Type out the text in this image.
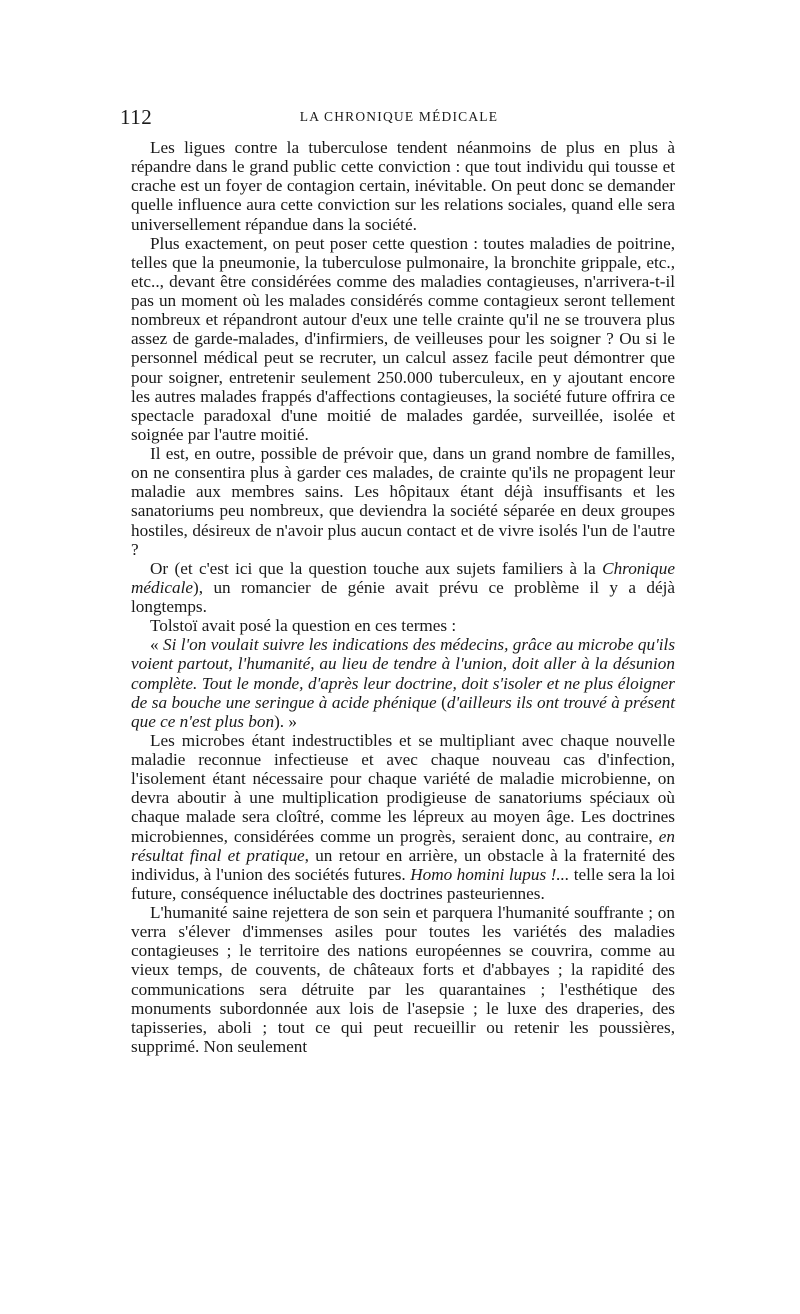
112	LA CHRONIQUE MÉDICALE

Les ligues contre la tuberculose tendent néanmoins de plus en plus à répandre dans le grand public cette conviction : que tout individu qui tousse et crache est un foyer de contagion certain, inévitable. On peut donc se demander quelle influence aura cette conviction sur les relations sociales, quand elle sera universellement répandue dans la société.

Plus exactement, on peut poser cette question : toutes maladies de poitrine, telles que la pneumonie, la tuberculose pulmonaire, la bronchite grippale, etc., etc.., devant être considérées comme des maladies contagieuses, n'arrivera-t-il pas un moment où les malades considérés comme contagieux seront tellement nombreux et répandront autour d'eux une telle crainte qu'il ne se trouvera plus assez de garde-malades, d'infirmiers, de veilleuses pour les soigner ? Ou si le personnel médical peut se recruter, un calcul assez facile peut démontrer que pour soigner, entretenir seulement 250.000 tuberculeux, en y ajoutant encore les autres malades frappés d'affections contagieuses, la société future offrira ce spectacle paradoxal d'une moitié de malades gardée, surveillée, isolée et soignée par l'autre moitié.

Il est, en outre, possible de prévoir que, dans un grand nombre de familles, on ne consentira plus à garder ces malades, de crainte qu'ils ne propagent leur maladie aux membres sains. Les hôpitaux étant déjà insuffisants et les sanatoriums peu nombreux, que deviendra la société séparée en deux groupes hostiles, désireux de n'avoir plus aucun contact et de vivre isolés l'un de l'autre ?

Or (et c'est ici que la question touche aux sujets familiers à la Chronique médicale), un romancier de génie avait prévu ce problème il y a déjà longtemps.

Tolstoï avait posé la question en ces termes :

« Si l'on voulait suivre les indications des médecins, grâce au microbe qu'ils voient partout, l'humanité, au lieu de tendre à l'union, doit aller à la désunion complète. Tout le monde, d'après leur doctrine, doit s'isoler et ne plus éloigner de sa bouche une seringue à acide phénique (d'ailleurs ils ont trouvé à présent que ce n'est plus bon). »

Les microbes étant indestructibles et se multipliant avec chaque nouvelle maladie reconnue infectieuse et avec chaque nouveau cas d'infection, l'isolement étant nécessaire pour chaque variété de maladie microbienne, on devra aboutir à une multiplication prodigieuse de sanatoriums spéciaux où chaque malade sera cloîtré, comme les lépreux au moyen âge. Les doctrines microbiennes, considérées comme un progrès, seraient donc, au contraire, en résultat final et pratique, un retour en arrière, un obstacle à la fraternité des individus, à l'union des sociétés futures. Homo homini lupus !... telle sera la loi future, conséquence inéluctable des doctrines pasteuriennes.

L'humanité saine rejettera de son sein et parquera l'humanité souffrante ; on verra s'élever d'immenses asiles pour toutes les variétés des maladies contagieuses ; le territoire des nations européennes se couvrira, comme au vieux temps, de couvents, de châteaux forts et d'abbayes ; la rapidité des communications sera détruite par les quarantaines ; l'esthétique des monuments subordonnée aux lois de l'asepsie ; le luxe des draperies, des tapisseries, aboli ; tout ce qui peut recueillir ou retenir les poussières, supprimé. Non seulement
